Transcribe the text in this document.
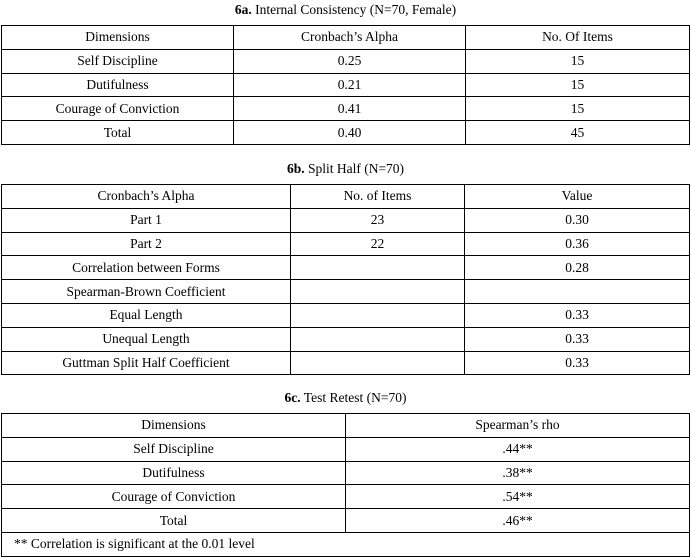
6a. Internal Consistency (N=70, Female)
Dimensions	Cronbach’s Alpha	No. Of Items
Self Discipline	0.25	15
Dutifulness	0.21	15
Courage of Conviction	0.41	15
Total	0.40	45
6b. Split Half (N=70)
Cronbach’s Alpha	No. of Items	Value
Part 1	23	0.30
Part 2	22	0.36
Correlation between Forms		0.28
Spearman-Brown Coefficient		
Equal Length		0.33
Unequal Length		0.33
Guttman Split Half Coefficient		0.33
6c. Test Retest (N=70)
Dimensions	Spearman’s rho
Self Discipline	.44**
Dutifulness	.38**
Courage of Conviction	.54**
Total	.46**
** Correlation is significant at the 0.01 level	
